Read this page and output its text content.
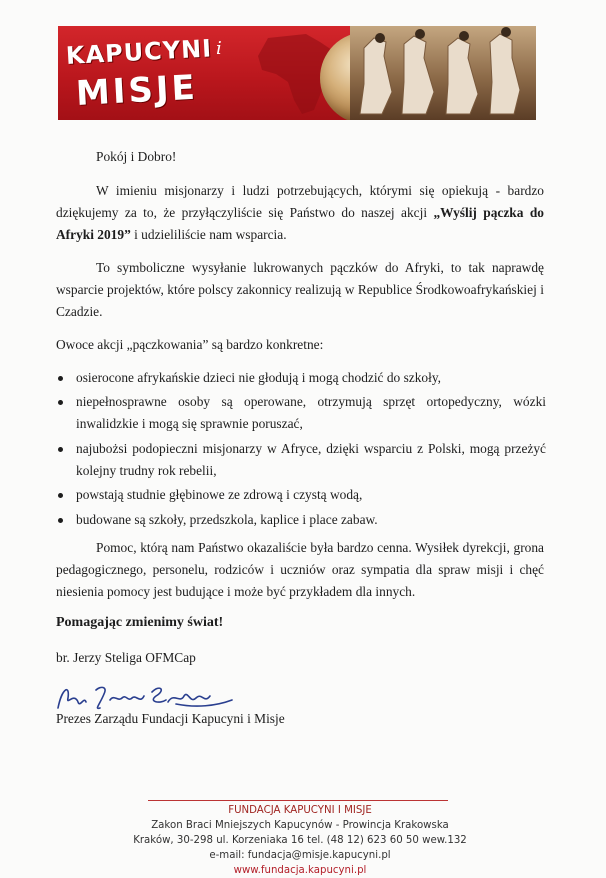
KAPUCYNI i
MISJE
Pokój i Dobro!
W imieniu misjonarzy i ludzi potrzebujących, którymi się opiekują - bardzo dziękujemy za to, że przyłączyliście się Państwo do naszej akcji „Wyślij pączka do Afryki 2019” i udzieliliście nam wsparcia.
To symboliczne wysyłanie lukrowanych pączków do Afryki, to tak naprawdę wsparcie projektów, które polscy zakonnicy realizują w Republice Środkowoafrykańskiej i Czadzie.
Owoce akcji „pączkowania” są bardzo konkretne:
osierocone afrykańskie dzieci nie głodują i mogą chodzić do szkoły,
niepełnosprawne osoby są operowane, otrzymują sprzęt ortopedyczny, wózki inwalidzkie i mogą się sprawnie poruszać,
najubożsi podopieczni misjonarzy w Afryce, dzięki wsparciu z Polski, mogą przeżyć kolejny trudny rok rebelii,
powstają studnie głębinowe ze zdrową i czystą wodą,
budowane są szkoły, przedszkola, kaplice i place zabaw.
Pomoc, którą nam Państwo okazaliście była bardzo cenna. Wysiłek dyrekcji, grona pedagogicznego, personelu, rodziców i uczniów oraz sympatia dla spraw misji i chęć niesienia pomocy jest budujące i może być przykładem dla innych.
Pomagając zmienimy świat!
br. Jerzy Steliga OFMCap
Prezes Zarządu Fundacji Kapucyni i Misje
FUNDACJA KAPUCYNI I MISJE
Zakon Braci Mniejszych Kapucynów - Prowincja Krakowska
Kraków, 30-298 ul. Korzeniaka 16 tel. (48 12) 623 60 50 wew.132
e-mail: fundacja@misje.kapucyni.pl
www.fundacja.kapucyni.pl
